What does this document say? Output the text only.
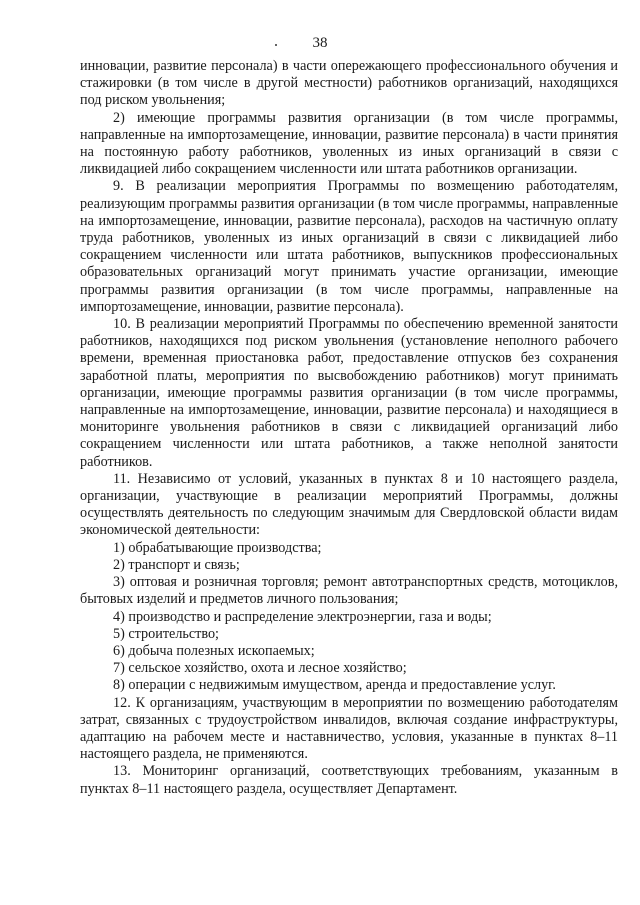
38

инновации, развитие персонала) в части опережающего профессионального обучения и стажировки (в том числе в другой местности) работников организаций, находящихся под риском увольнения;

2) имеющие программы развития организации (в том числе программы, направленные на импортозамещение, инновации, развитие персонала) в части принятия на постоянную работу работников, уволенных из иных организаций в связи с ликвидацией либо сокращением численности или штата работников организации.

9. В реализации мероприятия Программы по возмещению работодателям, реализующим программы развития организации (в том числе программы, направленные на импортозамещение, инновации, развитие персонала), расходов на частичную оплату труда работников, уволенных из иных организаций в связи с ликвидацией либо сокращением численности или штата работников, выпускников профессиональных образовательных организаций могут принимать участие организации, имеющие программы развития организации (в том числе программы, направленные на импортозамещение, инновации, развитие персонала).

10. В реализации мероприятий Программы по обеспечению временной занятости работников, находящихся под риском увольнения (установление неполного рабочего времени, временная приостановка работ, предоставление отпусков без сохранения заработной платы, мероприятия по высвобождению работников) могут принимать организации, имеющие программы развития организации (в том числе программы, направленные на импортозамещение, инновации, развитие персонала) и находящиеся в мониторинге увольнения работников в связи с ликвидацией организаций либо сокращением численности или штата работников, а также неполной занятости работников.

11. Независимо от условий, указанных в пунктах 8 и 10 настоящего раздела, организации, участвующие в реализации мероприятий Программы, должны осуществлять деятельность по следующим значимым для Свердловской области видам экономической деятельности:

1) обрабатывающие производства;

2) транспорт и связь;

3) оптовая и розничная торговля; ремонт автотранспортных средств, мотоциклов, бытовых изделий и предметов личного пользования;

4) производство и распределение электроэнергии, газа и воды;

5) строительство;

6) добыча полезных ископаемых;

7) сельское хозяйство, охота и лесное хозяйство;

8) операции с недвижимым имуществом, аренда и предоставление услуг.

12. К организациям, участвующим в мероприятии по возмещению работодателям затрат, связанных с трудоустройством инвалидов, включая создание инфраструктуры, адаптацию на рабочем месте и наставничество, условия, указанные в пунктах 8–11 настоящего раздела, не применяются.

13. Мониторинг организаций, соответствующих требованиям, указанным в пунктах 8–11 настоящего раздела, осуществляет Департамент.
